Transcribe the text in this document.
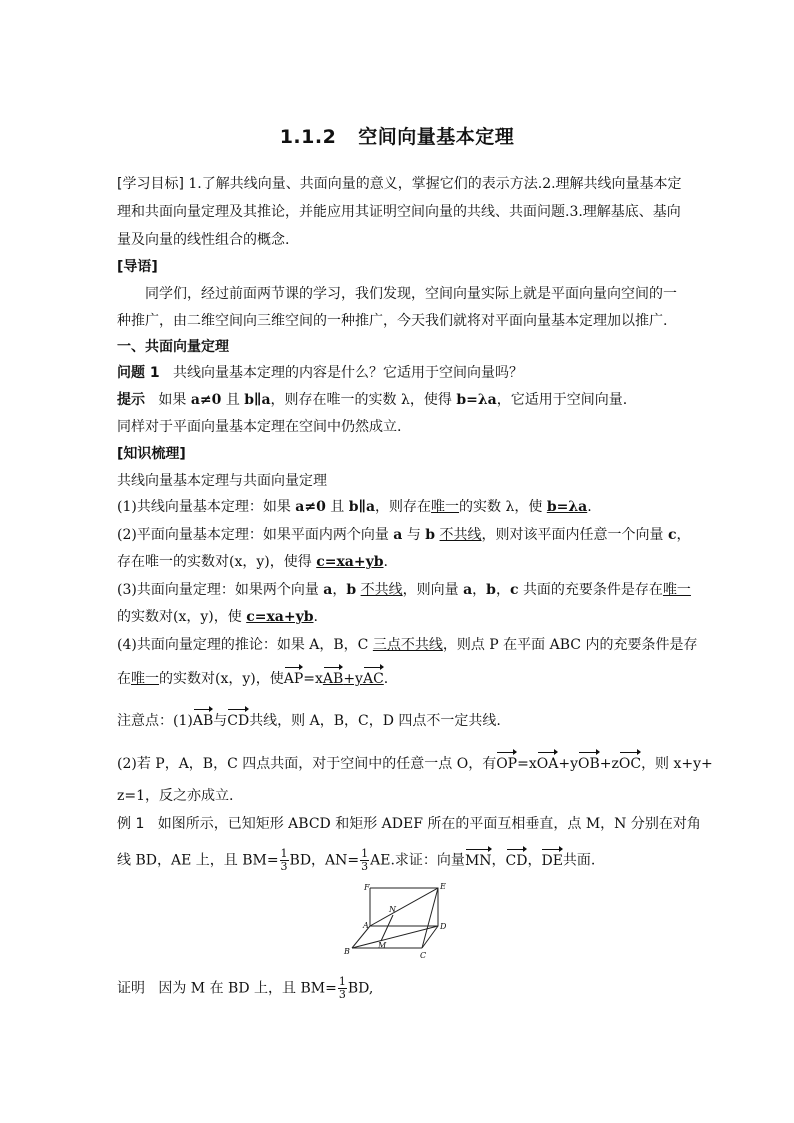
1.1.2 空间向量基本定理
[学习目标] 1.了解共线向量、共面向量的意义，掌握它们的表示方法.2.理解共线向量基本定
理和共面向量定理及其推论，并能应用其证明空间向量的共线、共面问题.3.理解基底、基向
量及向量的线性组合的概念.
[导语]
同学们，经过前面两节课的学习，我们发现，空间向量实际上就是平面向量向空间的一
种推广，由二维空间向三维空间的一种推广，今天我们就将对平面向量基本定理加以推广.
一、共面向量定理
问题 1 共线向量基本定理的内容是什么？它适用于空间向量吗？
提示 如果 a≠0 且 b∥a，则存在唯一的实数 λ，使得 b=λa，它适用于空间向量.
同样对于平面向量基本定理在空间中仍然成立.
[知识梳理]
共线向量基本定理与共面向量定理
(1)共线向量基本定理：如果 a≠0 且 b∥a，则存在唯一的实数 λ，使 b=λa.
(2)平面向量基本定理：如果平面内两个向量 a 与 b 不共线，则对该平面内任意一个向量 c，
存在唯一的实数对(x，y)，使得 c=xa+yb.
(3)共面向量定理：如果两个向量 a，b 不共线，则向量 a，b，c 共面的充要条件是存在唯一
的实数对(x，y)，使 c=xa+yb.
(4)共面向量定理的推论：如果 A，B，C 三点不共线，则点 P 在平面 ABC 内的充要条件是存
在唯一的实数对(x，y)，使AP=xAB+yAC.
注意点：(1)AB与CD共线，则 A，B，C，D 四点不一定共线.
(2)若 P，A，B，C 四点共面，对于空间中的任意一点 O，有OP=xOA+yOB+zOC，则 x+y+
z=1，反之亦成立.
例 1 如图所示，已知矩形 ABCD 和矩形 ADEF 所在的平面互相垂直，点 M，N 分别在对角
线 BD，AE 上，且 $BM= \frac{1}{3}$ BD，$AN= \frac{1}{3}$ AE.求证：向量MN，CD，DE共面.
F	E
A
N
D
M
B	C
证明 因为 M 在 BD 上，且 $BM= \frac{1}{3}$ BD,
